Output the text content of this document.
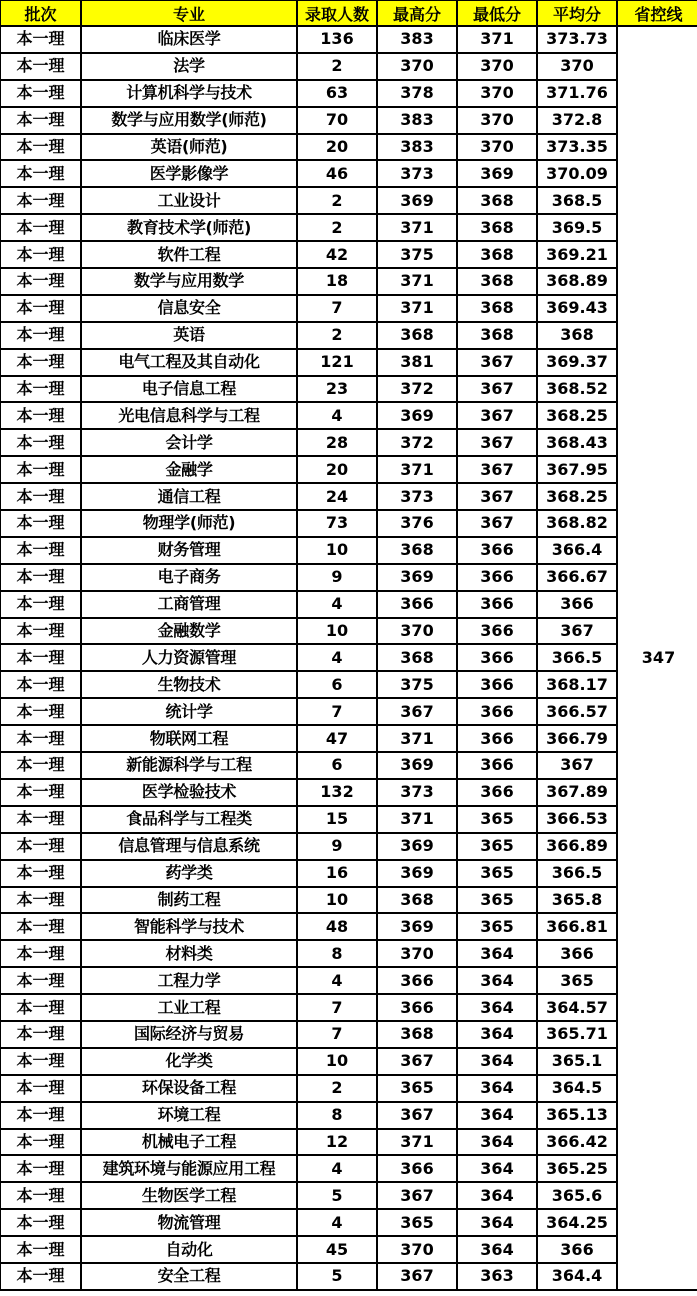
批次	专业	录取人数	最高分	最低分	平均分	省控线
本一理	临床医学	136	383	371	373.73	347
本一理	法学	2	370	370	370	
本一理	计算机科学与技术	63	378	370	371.76	
本一理	数学与应用数学(师范)	70	383	370	372.8	
本一理	英语(师范)	20	383	370	373.35	
本一理	医学影像学	46	373	369	370.09	
本一理	工业设计	2	369	368	368.5	
本一理	教育技术学(师范)	2	371	368	369.5	
本一理	软件工程	42	375	368	369.21	
本一理	数学与应用数学	18	371	368	368.89	
本一理	信息安全	7	371	368	369.43	
本一理	英语	2	368	368	368	
本一理	电气工程及其自动化	121	381	367	369.37	
本一理	电子信息工程	23	372	367	368.52	
本一理	光电信息科学与工程	4	369	367	368.25	
本一理	会计学	28	372	367	368.43	
本一理	金融学	20	371	367	367.95	
本一理	通信工程	24	373	367	368.25	
本一理	物理学(师范)	73	376	367	368.82	
本一理	财务管理	10	368	366	366.4	
本一理	电子商务	9	369	366	366.67	
本一理	工商管理	4	366	366	366	
本一理	金融数学	10	370	366	367	
本一理	人力资源管理	4	368	366	366.5	
本一理	生物技术	6	375	366	368.17	
本一理	统计学	7	367	366	366.57	
本一理	物联网工程	47	371	366	366.79	
本一理	新能源科学与工程	6	369	366	367	
本一理	医学检验技术	132	373	366	367.89	
本一理	食品科学与工程类	15	371	365	366.53	
本一理	信息管理与信息系统	9	369	365	366.89	
本一理	药学类	16	369	365	366.5	
本一理	制药工程	10	368	365	365.8	
本一理	智能科学与技术	48	369	365	366.81	
本一理	材料类	8	370	364	366	
本一理	工程力学	4	366	364	365	
本一理	工业工程	7	366	364	364.57	
本一理	国际经济与贸易	7	368	364	365.71	
本一理	化学类	10	367	364	365.1	
本一理	环保设备工程	2	365	364	364.5	
本一理	环境工程	8	367	364	365.13	
本一理	机械电子工程	12	371	364	366.42	
本一理	建筑环境与能源应用工程	4	366	364	365.25	
本一理	生物医学工程	5	367	364	365.6	
本一理	物流管理	4	365	364	364.25	
本一理	自动化	45	370	364	366	
本一理	安全工程	5	367	363	364.4	
